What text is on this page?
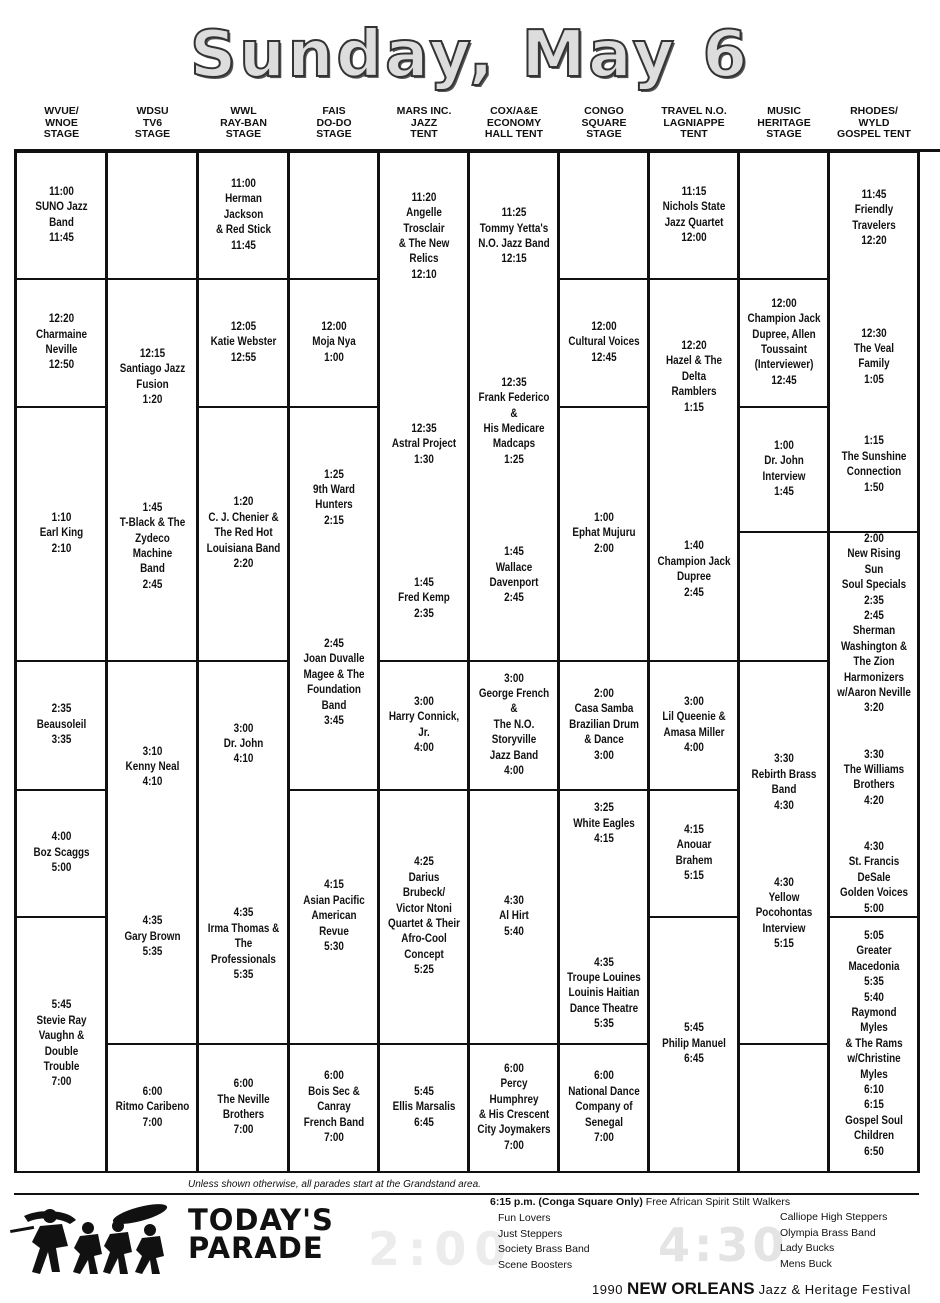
Sunday, May 6
WVUE/
WNOE
STAGE
WDSU
TV6
STAGE
WWL
RAY-BAN
STAGE
FAIS
DO-DO
STAGE
MARS INC.
JAZZ
TENT
COX/A&E
ECONOMY
HALL TENT
CONGO
SQUARE
STAGE
TRAVEL N.O.
LAGNIAPPE
TENT
MUSIC
HERITAGE
STAGE
RHODES/
WYLD
GOSPEL TENT
11:00
SUNO Jazz
Band
11:45
12:20
Charmaine
Neville
12:50
1:10
Earl King
2:10
2:35
Beausoleil
3:35
4:00
Boz Scaggs
5:00
5:45
Stevie Ray
Vaughn & Double
Trouble
7:00
12:15
Santiago Jazz
Fusion
1:20

1:45
T-Black & The
Zydeco Machine
Band
2:45
3:10
Kenny Neal
4:10

4:35
Gary Brown
5:35
6:00
Ritmo Caribeno
7:00
11:00
Herman Jackson
& Red Stick
11:45
12:05
Katie Webster
12:55
1:20
C. J. Chenier &
The Red Hot
Louisiana Band
2:20
3:00
Dr. John
4:10

4:35
Irma Thomas &
The Professionals
5:35
6:00
The Neville
Brothers
7:00
12:00
Moja Nya
1:00
1:25
9th Ward Hunters
2:15

2:45
Joan Duvalle
Magee & The
Foundation Band
3:45
4:15
Asian Pacific
American Revue
5:30
6:00
Bois Sec & Canray
French Band
7:00
11:20
Angelle Trosclair
& The New Relics
12:10

12:35
Astral Project
1:30

1:45
Fred Kemp
2:35
3:00
Harry Connick, Jr.
4:00
4:25
Darius Brubeck/
Victor Ntoni
Quartet & Their
Afro-Cool Concept
5:25
5:45
Ellis Marsalis
6:45
11:25
Tommy Yetta's
N.O. Jazz Band
12:15

12:35
Frank Federico &
His Medicare
Madcaps
1:25

1:45
Wallace
Davenport
2:45
3:00
George French &
The N.O.
Storyville
Jazz Band
4:00
4:30
Al Hirt
5:40
6:00
Percy Humphrey
& His Crescent
City Joymakers
7:00
12:00
Cultural Voices
12:45
1:00
Ephat Mujuru
2:00
2:00
Casa Samba
Brazilian Drum
& Dance
3:00
3:25
White Eagles
4:15

4:35
Troupe Louines
Louinis Haitian
Dance Theatre
5:35
6:00
National Dance
Company of
Senegal
7:00
11:15
Nichols State
Jazz Quartet
12:00
12:20
Hazel & The Delta
Ramblers
1:15

1:40
Champion Jack
Dupree
2:45
3:00
Lil Queenie &
Amasa Miller
4:00
4:15
Anouar
Brahem
5:15
5:45
Philip Manuel
6:45
12:00
Champion Jack
Dupree, Allen
Toussaint
(Interviewer)
12:45
1:00
Dr. John
Interview
1:45
3:30
Rebirth Brass
Band
4:30

4:30
Yellow Pocohontas
Interview
5:15
11:45
Friendly Travelers
12:20

12:30
The Veal Family
1:05

1:15
The Sunshine
Connection
1:50
2:00
New Rising Sun
Soul Specials
2:35
2:45
Sherman
Washington &
The Zion
Harmonizers
w/Aaron Neville
3:20

3:30
The Williams
Brothers
4:20

4:30
St. Francis DeSale
Golden Voices
5:00
5:05
Greater
Macedonia
5:35
5:40
Raymond Myles
& The Rams
w/Christine Myles
6:10
6:15
Gospel Soul
Children
6:50
Unless shown otherwise, all parades start at the Grandstand area.
TODAY'S
PARADE 2:00	4:30
6:15 p.m. (Conga Square Only) Free African Spirit Stilt Walkers
Fun Lovers
Just Steppers
Society Brass Band
Scene Boosters
Calliope High Steppers
Olympia Brass Band
Lady Bucks
Mens Buck
1990 NEW ORLEANS Jazz & Heritage Festival
